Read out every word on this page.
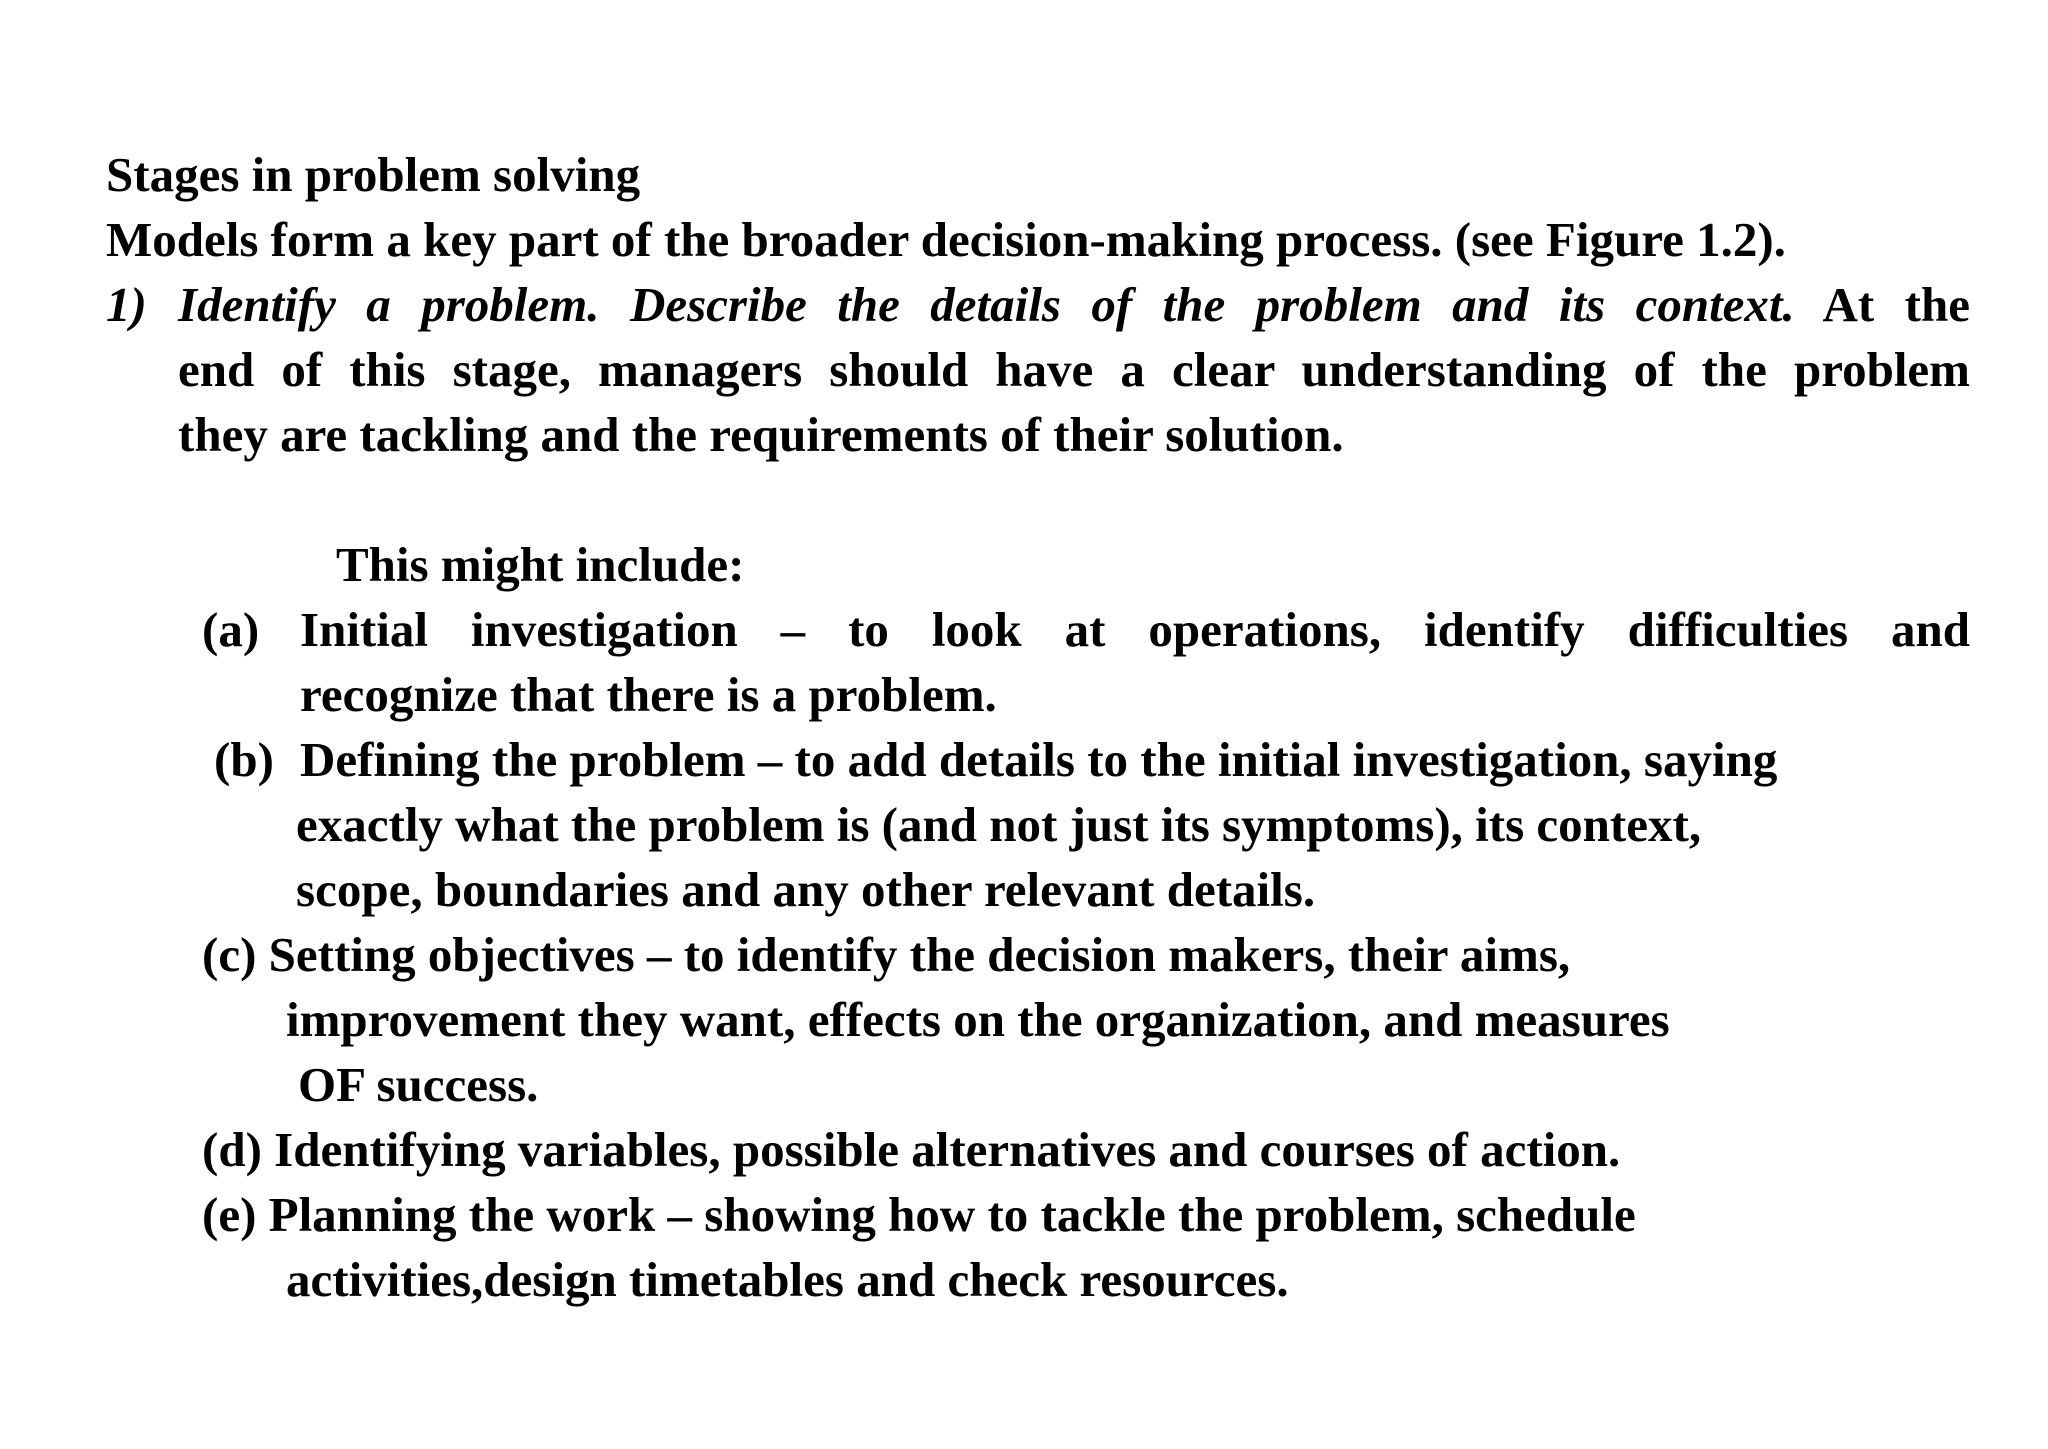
Stages in problem solving

Models form a key part of the broader decision-making process. (see Figure 1.2).

1) Identify a problem. Describe the details of the problem and its context. At the

end of this stage, managers should have a clear understanding of the problem

they are tackling and the requirements of their solution.

This might include:

(a) Initial investigation – to look at operations, identify difficulties and

recognize that there is a problem.

(b) Defining the problem – to add details to the initial investigation, saying

exactly what the problem is (and not just its symptoms), its context,

scope, boundaries and any other relevant details.

(c) Setting objectives – to identify the decision makers, their aims,

improvement they want, effects on the organization, and measures

OF success.

(d) Identifying variables, possible alternatives and courses of action.

(e) Planning the work – showing how to tackle the problem, schedule

activities,design timetables and check resources.
